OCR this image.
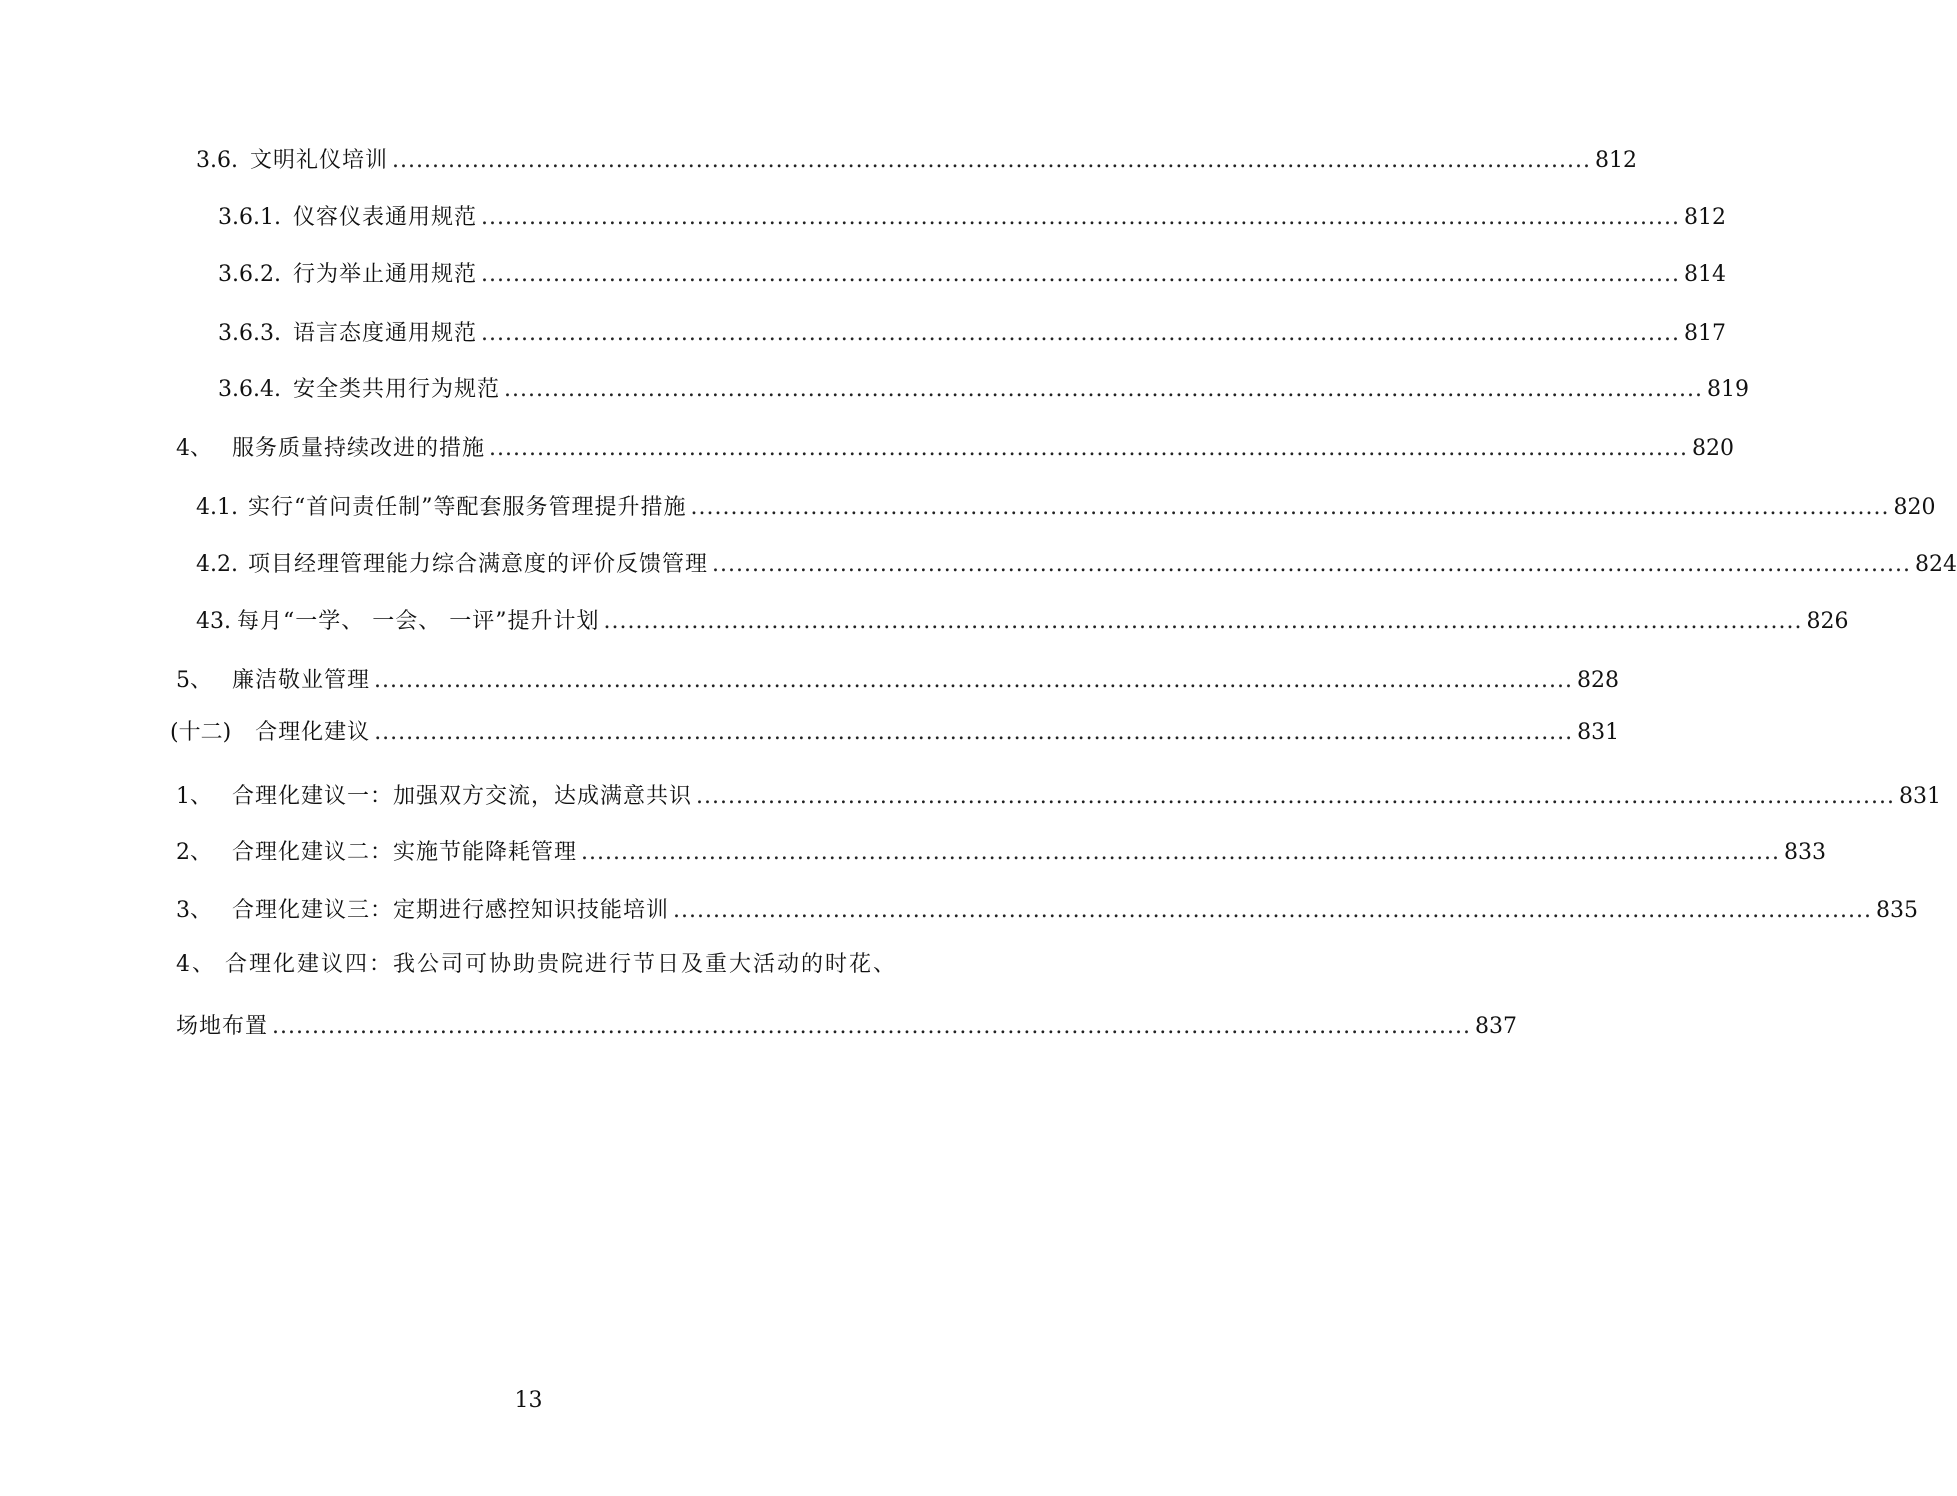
3.6. 文明礼仪培训 ...................................................................................................................................................... 812
3.6.1. 仪容仪表通用规范 ...................................................................................................................................................... 812
3.6.2. 行为举止通用规范 ...................................................................................................................................................... 814
3.6.3. 语言态度通用规范 ...................................................................................................................................................... 817
3.6.4. 安全类共用行为规范 ...................................................................................................................................................... 819
4、 服务质量持续改进的措施 ...................................................................................................................................................... 820
4.1. 实行“首问责任制”等配套服务管理提升措施 ...................................................................................................................................................... 820
4.2. 项目经理管理能力综合满意度的评价反馈管理 ...................................................................................................................................................... 824
43. 每月“一学、 一会、 一评”提升计划 ...................................................................................................................................................... 826
5、 廉洁敬业管理 ...................................................................................................................................................... 828
(十二) 合理化建议 ...................................................................................................................................................... 831
1、 合理化建议一：加强双方交流，达成满意共识 ...................................................................................................................................................... 831
2、 合理化建议二：实施节能降耗管理 ...................................................................................................................................................... 833
3、 合理化建议三：定期进行感控知识技能培训 ...................................................................................................................................................... 835
4、 合理化建议四：我公司可协助贵院进行节日及重大活动的时花、
场地布置 ...................................................................................................................................................... 837
13
